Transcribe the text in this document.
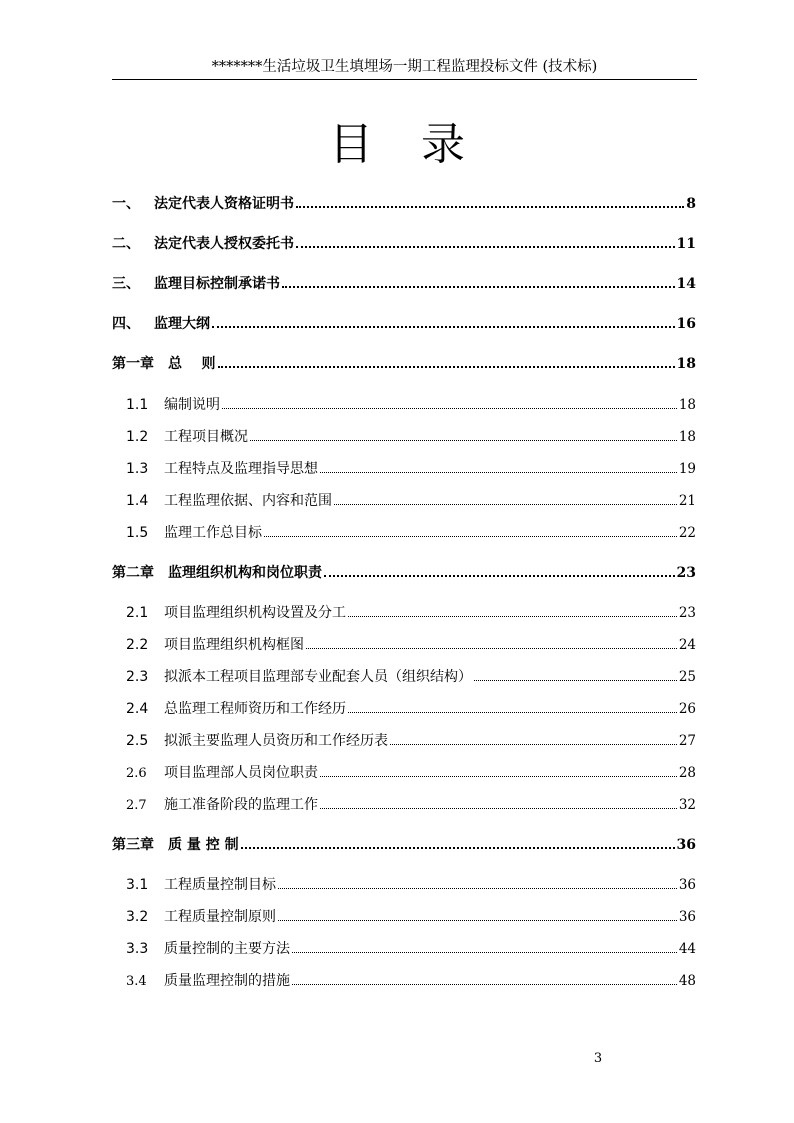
*******生活垃圾卫生填埋场一期工程监理投标文件 (技术标)
目录
一、 法定代表人资格证明书	8
二、 法定代表人授权委托书	11
三、 监理目标控制承诺书	14
四、 监理大纲	16
第一章 总    则	18
1.1 编制说明	18
1.2 工程项目概况	18
1.3 工程特点及监理指导思想	19
1.4 工程监理依据、内容和范围	21
1.5 监理工作总目标	22
第二章 监理组织机构和岗位职责	23
2.1 项目监理组织机构设置及分工	23
2.2 项目监理组织机构框图	24
2.3 拟派本工程项目监理部专业配套人员（组织结构）	25
2.4 总监理工程师资历和工作经历	26
2.5 拟派主要监理人员资历和工作经历表	27
2.6 项目监理部人员岗位职责	28
2.7 施工准备阶段的监理工作	32
第三章 质 量 控 制	36
3.1 工程质量控制目标	36
3.2 工程质量控制原则	36
3.3 质量控制的主要方法	44
3.4 质量监理控制的措施	48
3
